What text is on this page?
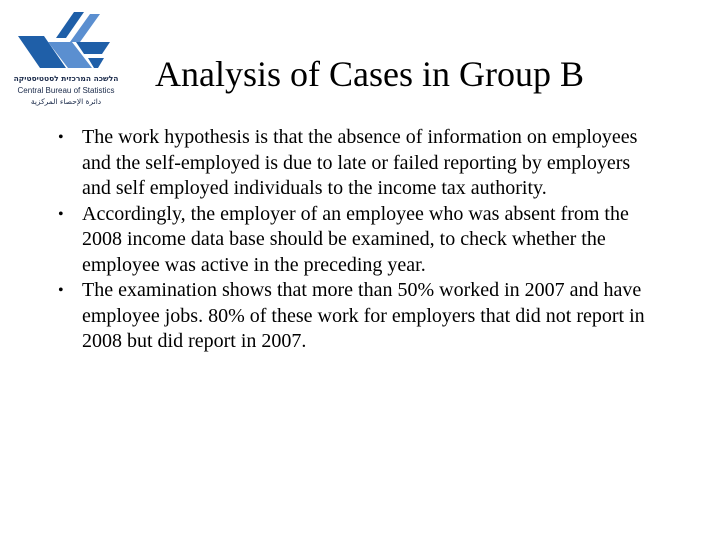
הלשכה המרכזית לסטטיסטיקה
Central Bureau of Statistics
دائرة الإحصاء المركزية
Analysis of Cases in Group B
• The work hypothesis is that the absence of information on employees and the self-employed is due to late or failed reporting by employers and self employed individuals to the income tax authority.
• Accordingly, the employer of an employee who was absent from the 2008 income data base should be examined, to check whether the employee was active in the preceding year.
• The examination shows that more than 50% worked in 2007 and have employee jobs. 80% of these work for employers that did not report in 2008 but did report in 2007.
